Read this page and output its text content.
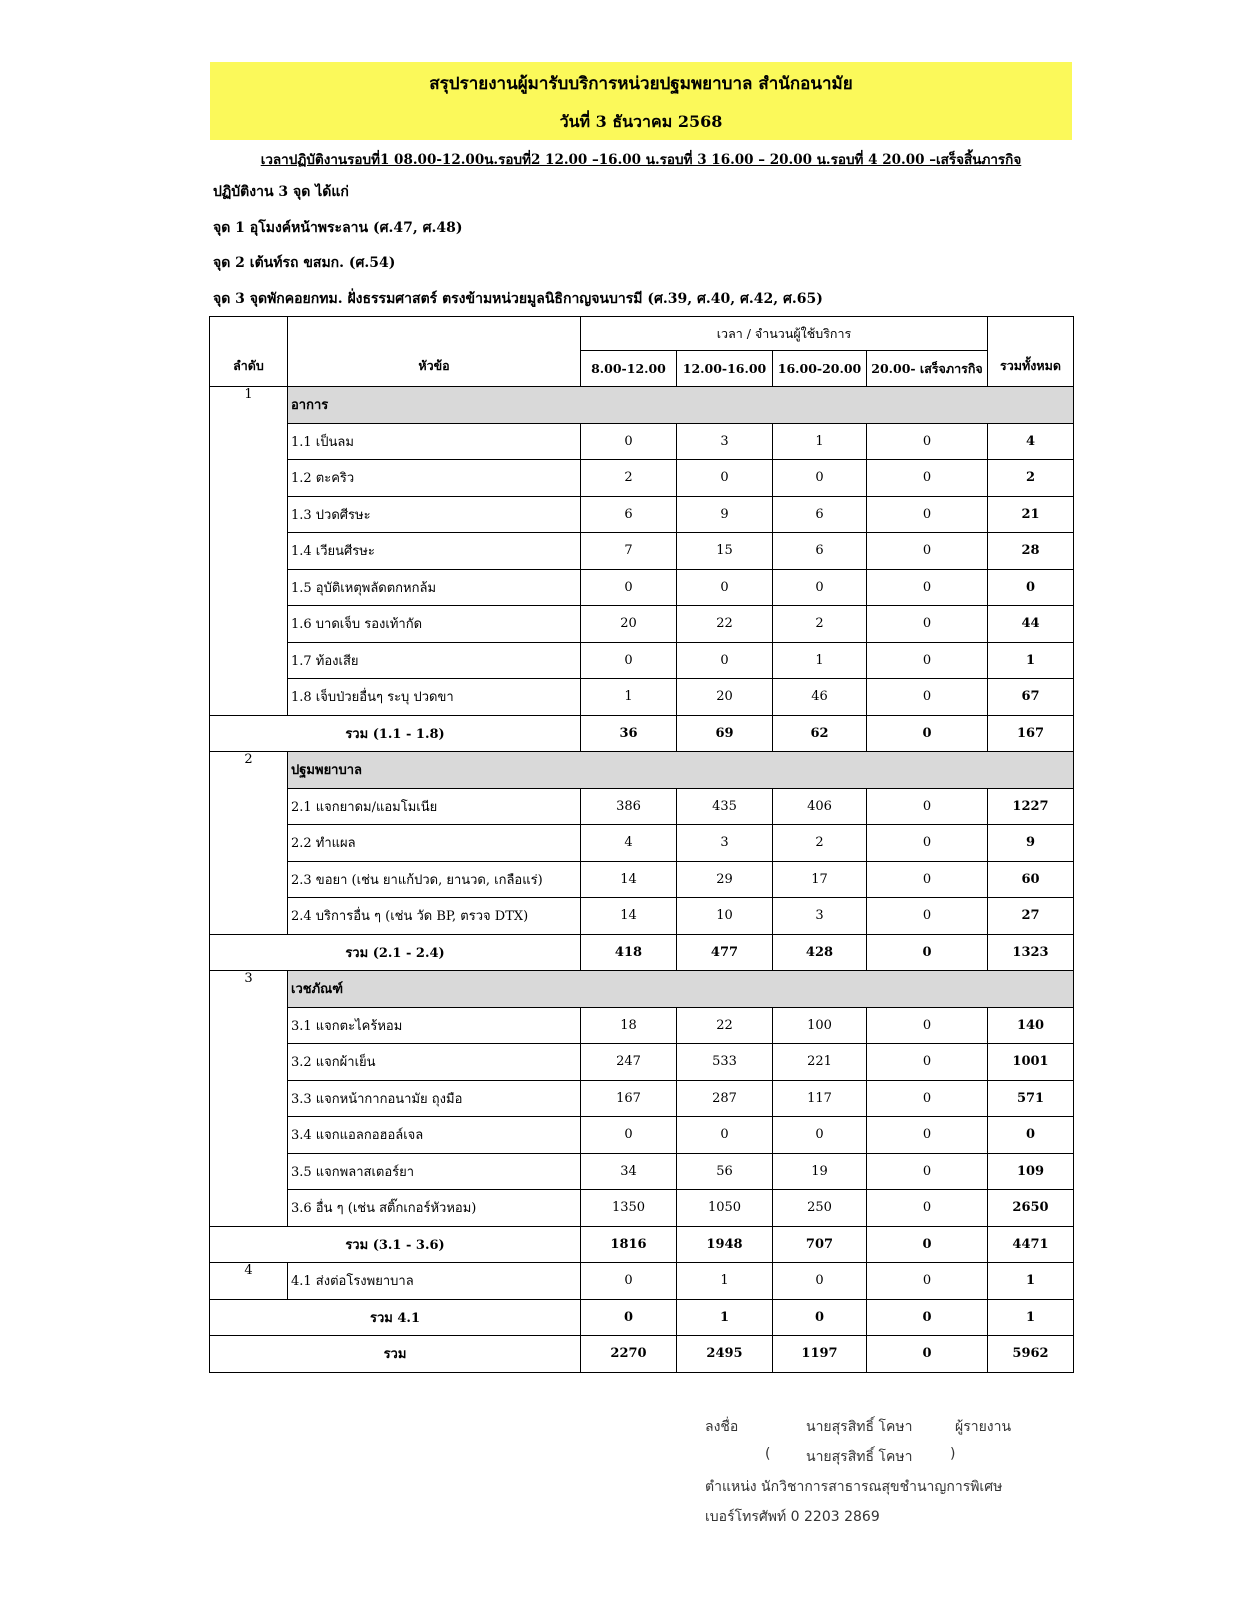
สรุปรายงานผู้มารับบริการหน่วยปฐมพยาบาล สำนักอนามัย
วันที่ 3 ธันวาคม 2568
เวลาปฏิบัติงานรอบที่1 08.00-12.00น.รอบที่2 12.00 –16.00 น.รอบที่ 3 16.00 – 20.00 น.รอบที่ 4 20.00 –เสร็จสิ้นภารกิจ
ปฏิบัติงาน 3 จุด ได้แก่
จุด 1 อุโมงค์หน้าพระลาน (ศ.47, ศ.48)
จุด 2 เต้นท์รถ ขสมก. (ศ.54)
จุด 3 จุดพักคอยกทม. ฝั่งธรรมศาสตร์ ตรงข้ามหน่วยมูลนิธิกาญจนบารมี (ศ.39, ศ.40, ศ.42, ศ.65)
ลำดับ	หัวข้อ	เวลา / จำนวนผู้ใช้บริการ				รวมทั้งหมด
		8.00-12.00	12.00-16.00	16.00-20.00	20.00- เสร็จภารกิจ	
1	อาการ					
	1.1 เป็นลม	0	3	1	0	4
	1.2 ตะคริว	2	0	0	0	2
	1.3 ปวดศีรษะ	6	9	6	0	21
	1.4 เวียนศีรษะ	7	15	6	0	28
	1.5 อุบัติเหตุพลัดตกหกล้ม	0	0	0	0	0
	1.6 บาดเจ็บ รองเท้ากัด	20	22	2	0	44
	1.7 ท้องเสีย	0	0	1	0	1
	1.8 เจ็บป่วยอื่นๆ ระบุ ปวดขา	1	20	46	0	67
รวม (1.1 - 1.8)		36	69	62	0	167
2	ปฐมพยาบาล					
	2.1 แจกยาดม/แอมโมเนีย	386	435	406	0	1227
	2.2 ทำแผล	4	3	2	0	9
	2.3 ขอยา (เช่น ยาแก้ปวด, ยานวด, เกลือแร่)	14	29	17	0	60
	2.4 บริการอื่น ๆ (เช่น วัด BP, ตรวจ DTX)	14	10	3	0	27
รวม (2.1 - 2.4)		418	477	428	0	1323
3	เวชภัณฑ์					
	3.1 แจกตะไคร้หอม	18	22	100	0	140
	3.2 แจกผ้าเย็น	247	533	221	0	1001
	3.3 แจกหน้ากากอนามัย ถุงมือ	167	287	117	0	571
	3.4 แจกแอลกอฮอล์เจล	0	0	0	0	0
	3.5 แจกพลาสเตอร์ยา	34	56	19	0	109
	3.6 อื่น ๆ (เช่น สติ๊กเกอร์หัวหอม)	1350	1050	250	0	2650
รวม (3.1 - 3.6)		1816	1948	707	0	4471
4	4.1 ส่งต่อโรงพยาบาล	0	1	0	0	1
รวม 4.1		0	1	0	0	1
รวม		2270	2495	1197	0	5962
ลงชื่อ	นายสุรสิทธิ์ โคษา	ผู้รายงาน
(	นายสุรสิทธิ์ โคษา	)
ตำแหน่ง นักวิชาการสาธารณสุขชำนาญการพิเศษ
เบอร์โทรศัพท์ 0 2203 2869
